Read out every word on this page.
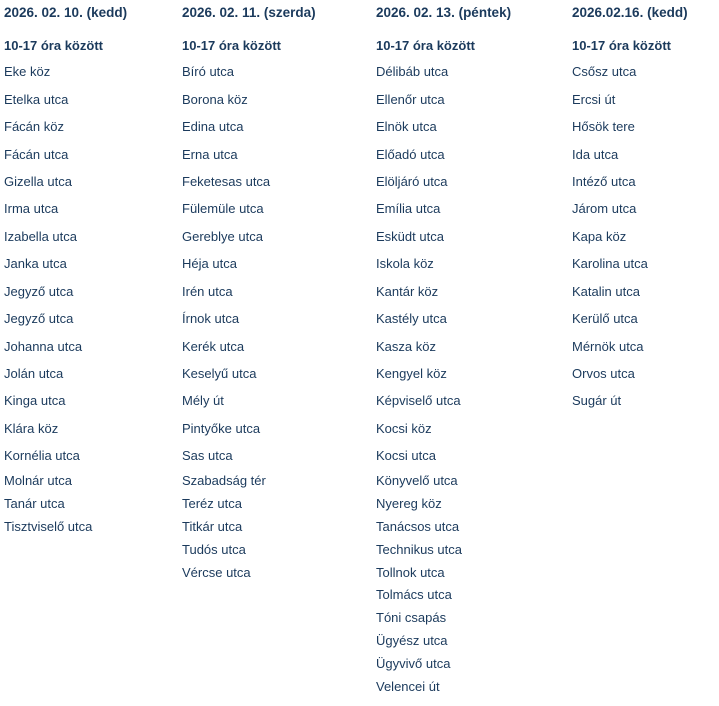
2026. 02. 10. (kedd)
10-17 óra között
Eke köz
Etelka utca
Fácán köz
Fácán utca
Gizella utca
Irma utca
Izabella utca
Janka utca
Jegyző utca
Jegyző utca
Johanna utca
Jolán utca
Kinga utca
Klára köz
Kornélia utca
Molnár utca
Tanár utca
Tisztviselő utca
2026. 02. 11. (szerda)
10-17 óra között
Bíró utca
Borona köz
Edina utca
Erna utca
Feketesas utca
Fülemüle utca
Gereblye utca
Héja utca
Irén utca
Írnok utca
Kerék utca
Keselyű utca
Mély út
Pintyőke utca
Sas utca
Szabadság tér
Teréz utca
Titkár utca
Tudós utca
Vércse utca
2026. 02. 13. (péntek)
10-17 óra között
Délibáb utca
Ellenőr utca
Elnök utca
Előadó utca
Elöljáró utca
Emília utca
Esküdt utca
Iskola köz
Kantár köz
Kastély utca
Kasza köz
Kengyel köz
Képviselő utca
Kocsi köz
Kocsi utca
Könyvelő utca
Nyereg köz
Tanácsos utca
Technikus utca
Tollnok utca
Tolmács utca
Tóni csapás
Ügyész utca
Ügyvivő utca
Velencei út
2026.02.16. (kedd)
10-17 óra között
Csősz utca
Ercsi út
Hősök tere
Ida utca
Intéző utca
Járom utca
Kapa köz
Karolina utca
Katalin utca
Kerülő utca
Mérnök utca
Orvos utca
Sugár út
